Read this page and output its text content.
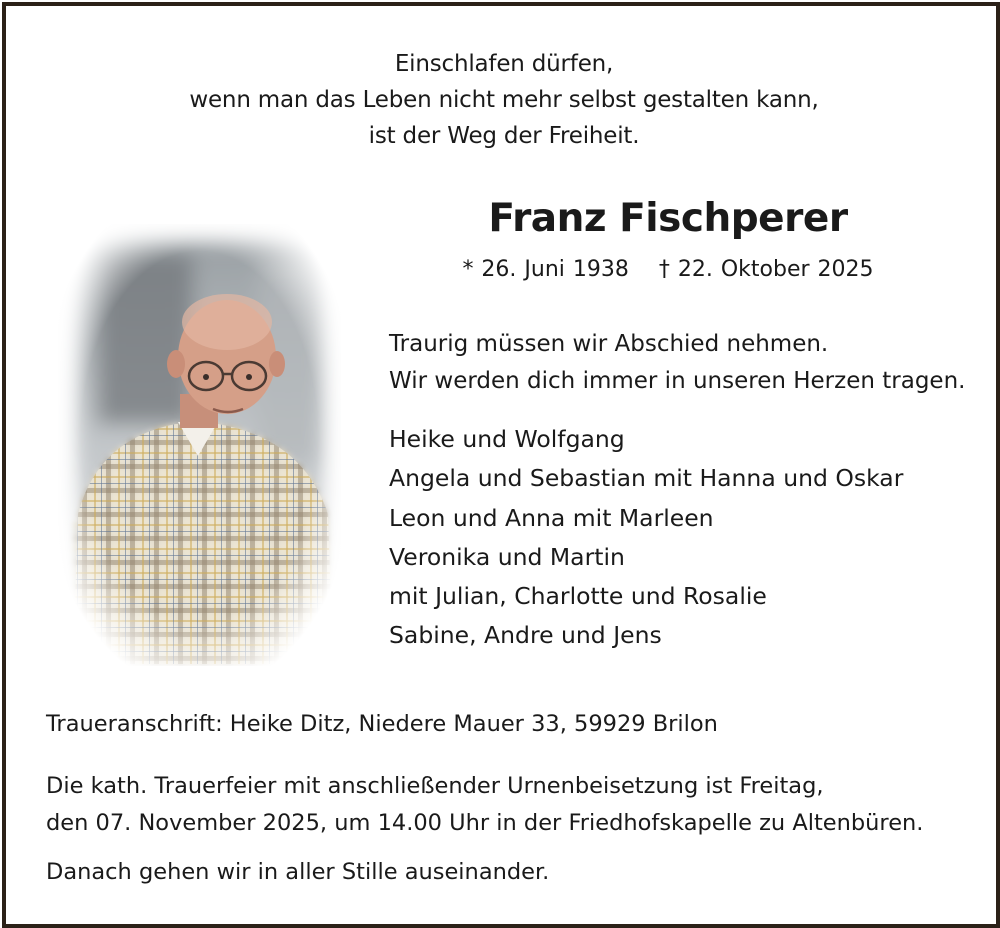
Einschlafen dürfen,
wenn man das Leben nicht mehr selbst gestalten kann,
ist der Weg der Freiheit.
Franz Fischperer
* 26. Juni 1938 † 22. Oktober 2025
Traurig müssen wir Abschied nehmen.
Wir werden dich immer in unseren Herzen tragen.
Heike und Wolfgang
Angela und Sebastian mit Hanna und Oskar
Leon und Anna mit Marleen
Veronika und Martin
mit Julian, Charlotte und Rosalie
Sabine, Andre und Jens
Traueranschrift: Heike Ditz, Niedere Mauer 33, 59929 Brilon
Die kath. Trauerfeier mit anschließender Urnenbeisetzung ist Freitag,
den 07. November 2025, um 14.00 Uhr in der Friedhofskapelle zu Altenbüren.
Danach gehen wir in aller Stille auseinander.
